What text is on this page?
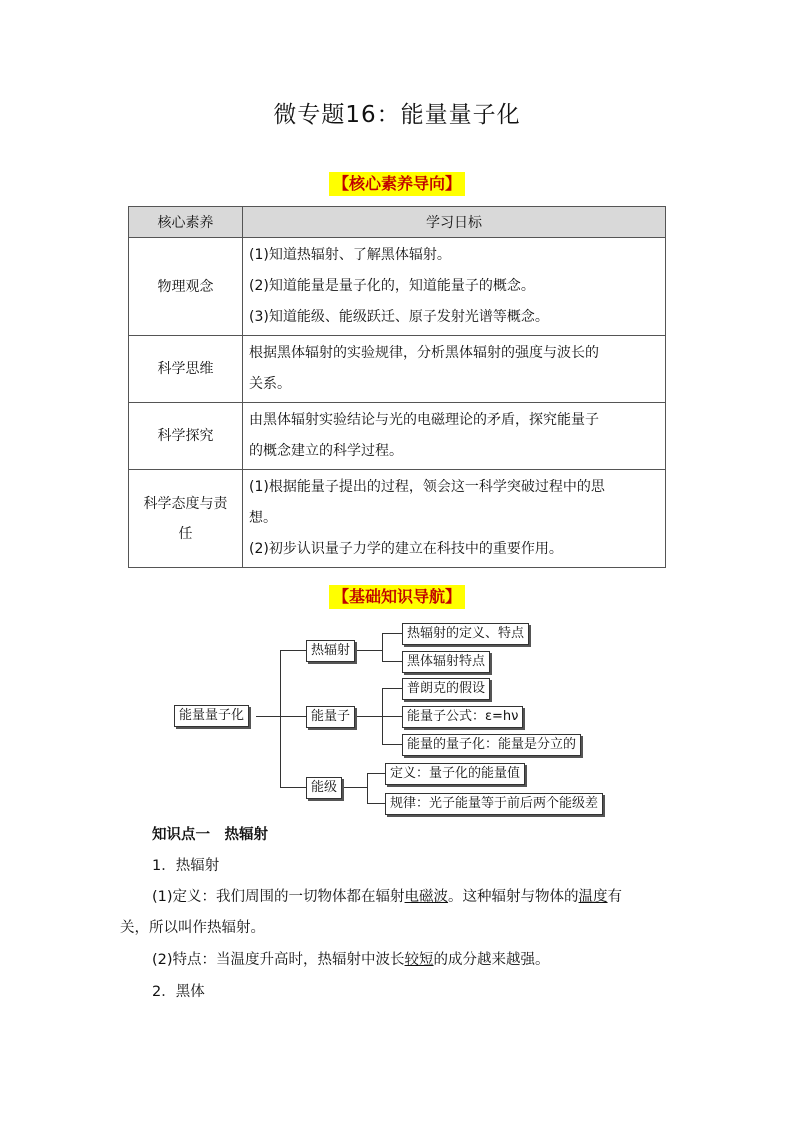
微专题16：能量量子化
【核心素养导向】
核心素养	学习日标
物理观念	(1)知道热辐射、了解黑体辐射。
(2)知道能量是量子化的，知道能量子的概念。
(3)知道能级、能级跃迁、原子发射光谱等概念。

科学思维	根据黑体辐射的实验规律，分析黑体辐射的强度与波长的
关系。

科学探究	由黑体辐射实验结论与光的电磁理论的矛盾，探究能量子
的概念建立的科学过程。

科学态度与责
任	(1)根据能量子提出的过程，领会这一科学突破过程中的思
想。
(2)初步认识量子力学的建立在科技中的重要作用。
【基础知识导航】
能量量子化
热辐射
能量子
能级
热辐射的定义、特点
黑体辐射特点
普朗克的假设
能量子公式：ε=hν
能量的量子化：能量是分立的
定义：量子化的能量值
规律：光子能量等于前后两个能级差
知识点一　热辐射
1．热辐射
(1)定义：我们周围的一切物体都在辐射电磁波。这种辐射与物体的温度有
关，所以叫作热辐射。
(2)特点：当温度升高时，热辐射中波长较短的成分越来越强。
2．黑体
